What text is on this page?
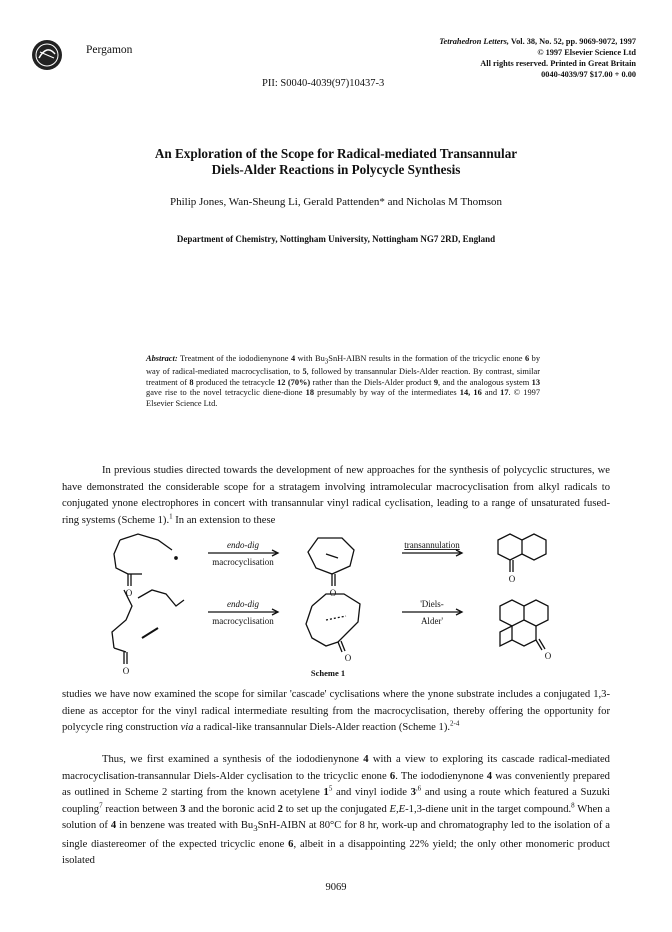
Pergamon
Tetrahedron Letters, Vol. 38, No. 52, pp. 9069-9072, 1997
© 1997 Elsevier Science Ltd
All rights reserved. Printed in Great Britain
0040-4039/97 $17.00 + 0.00
PII: S0040-4039(97)10437-3
An Exploration of the Scope for Radical-mediated Transannular
Diels-Alder Reactions in Polycycle Synthesis
Philip Jones, Wan-Sheung Li, Gerald Pattenden* and Nicholas M Thomson
Department of Chemistry, Nottingham University, Nottingham NG7 2RD, England
Abstract: Treatment of the iododienynone 4 with $Bu_3SnH$-AIBN results in the formation of the tricyclic enone 6 by way of radical-mediated macrocyclisation, to 5, followed by transannular Diels-Alder reaction. By contrast, similar treatment of 8 produced the tetracycle 12 (70%) rather than the Diels-Alder product 9, and the analogous system 13 gave rise to the novel tetracyclic diene-dione 18 presumably by way of the intermediates 14, 16 and 17. © 1997 Elsevier Science Ltd.

In previous studies directed towards the development of new approaches for the synthesis of polycyclic structures, we have demonstrated the considerable scope for a stratagem involving intramolecular macrocyclisation from alkyl radicals to conjugated ynone electrophores in concert with transannular vinyl radical cyclisation, leading to a range of unsaturated fused-ring systems (Scheme 1).$^1$ In an extension to these

endo-dig
macrocyclisation
transannulation
endo-dig
macrocyclisation
'Diels-
Alder'
O	O
O
O
O	O
Scheme 1

studies we have now examined the scope for similar 'cascade' cyclisations where the ynone substrate includes a conjugated 1,3-diene as acceptor for the vinyl radical intermediate resulting from the macrocyclisation, thereby offering the opportunity for polycycle ring construction via a radical-like transannular Diels-Alder reaction (Scheme 1).$^{2-4}$

Thus, we first examined a synthesis of the iododienynone 4 with a view to exploring its cascade radical-mediated macrocyclisation-transannular Diels-Alder cyclisation to the tricyclic enone 6. The iododienynone 4 was conveniently prepared as outlined in Scheme 2 starting from the known acetylene $1^5$ and vinyl iodide $3^{,6}$ and using a route which featured a Suzuki coupling$^7$ reaction between 3 and the boronic acid 2 to set up the conjugated E,E-1,3-diene unit in the target compound.$^8$ When a solution of 4 in benzene was treated with $Bu_3SnH$-AIBN at 80°C for 8 hr, work-up and chromatography led to the isolation of a single diastereomer of the expected tricyclic enone 6, albeit in a disappointing 22% yield; the only other monomeric product isolated

9069
